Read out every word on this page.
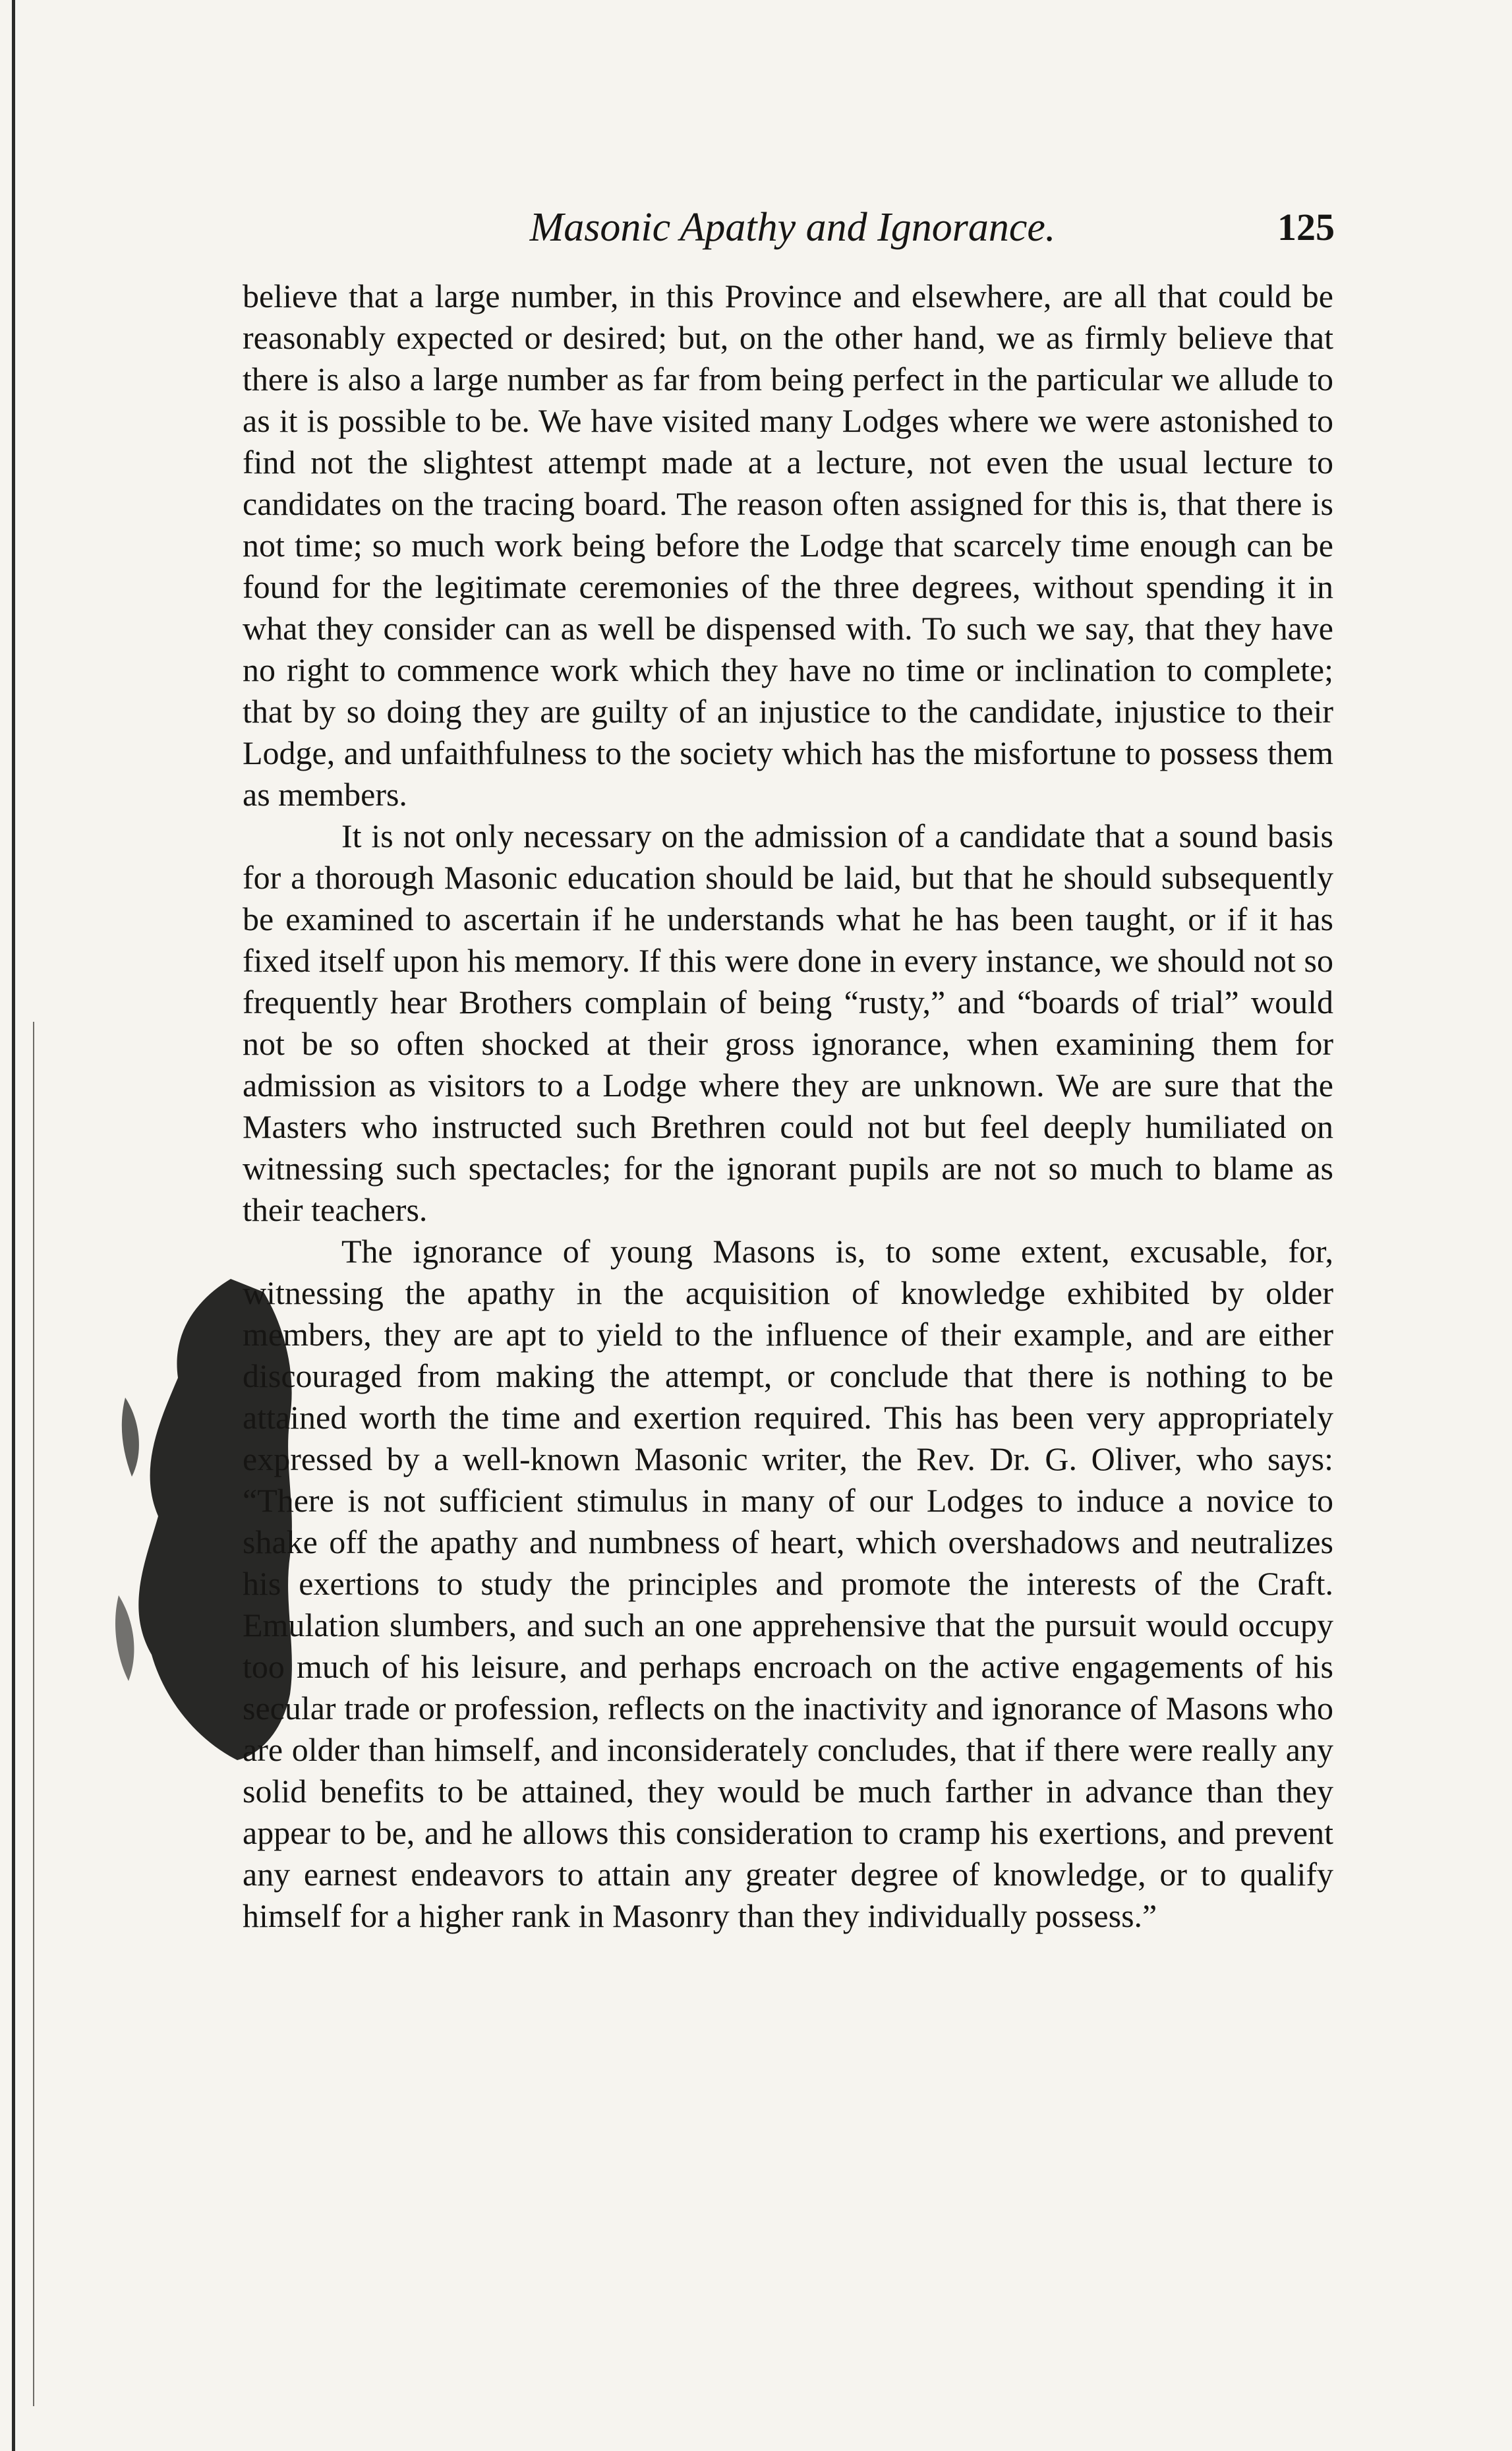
Masonic Apathy and Ignorance.	125

believe that a large number, in this Province and elsewhere, are all that could be reasonably expected or desired; but, on the other hand, we as firmly believe that there is also a large number as far from being perfect in the particular we allude to as it is possible to be. We have visited many Lodges where we were astonished to find not the slightest attempt made at a lecture, not even the usual lecture to candidates on the tracing board. The reason often assigned for this is, that there is not time; so much work being before the Lodge that scarcely time enough can be found for the legitimate ceremonies of the three degrees, without spending it in what they consider can as well be dispensed with. To such we say, that they have no right to commence work which they have no time or inclination to complete; that by so doing they are guilty of an injustice to the candidate, injustice to their Lodge, and unfaithfulness to the society which has the misfortune to possess them as members.

It is not only necessary on the admission of a candidate that a sound basis for a thorough Masonic education should be laid, but that he should subsequently be examined to ascertain if he understands what he has been taught, or if it has fixed itself upon his memory. If this were done in every instance, we should not so frequently hear Brothers complain of being “rusty,” and “boards of trial” would not be so often shocked at their gross ignorance, when examining them for admission as visitors to a Lodge where they are unknown. We are sure that the Masters who instructed such Brethren could not but feel deeply humiliated on witnessing such spectacles; for the ignorant pupils are not so much to blame as their teachers.

The ignorance of young Masons is, to some extent, excusable, for, witnessing the apathy in the acquisition of knowledge exhibited by older members, they are apt to yield to the influence of their example, and are either discouraged from making the attempt, or conclude that there is nothing to be attained worth the time and exertion required. This has been very appropriately expressed by a well-known Masonic writer, the Rev. Dr. G. Oliver, who says: “There is not sufficient stimulus in many of our Lodges to induce a novice to shake off the apathy and numbness of heart, which overshadows and neutralizes his exertions to study the principles and promote the interests of the Craft. Emulation slumbers, and such an one apprehensive that the pursuit would occupy too much of his leisure, and perhaps encroach on the active engagements of his secular trade or profession, reflects on the inactivity and ignorance of Masons who are older than himself, and inconsiderately concludes, that if there were really any solid benefits to be attained, they would be much farther in advance than they appear to be, and he allows this consideration to cramp his exertions, and prevent any earnest endeavors to attain any greater degree of knowledge, or to qualify himself for a higher rank in Masonry than they individually possess.”
